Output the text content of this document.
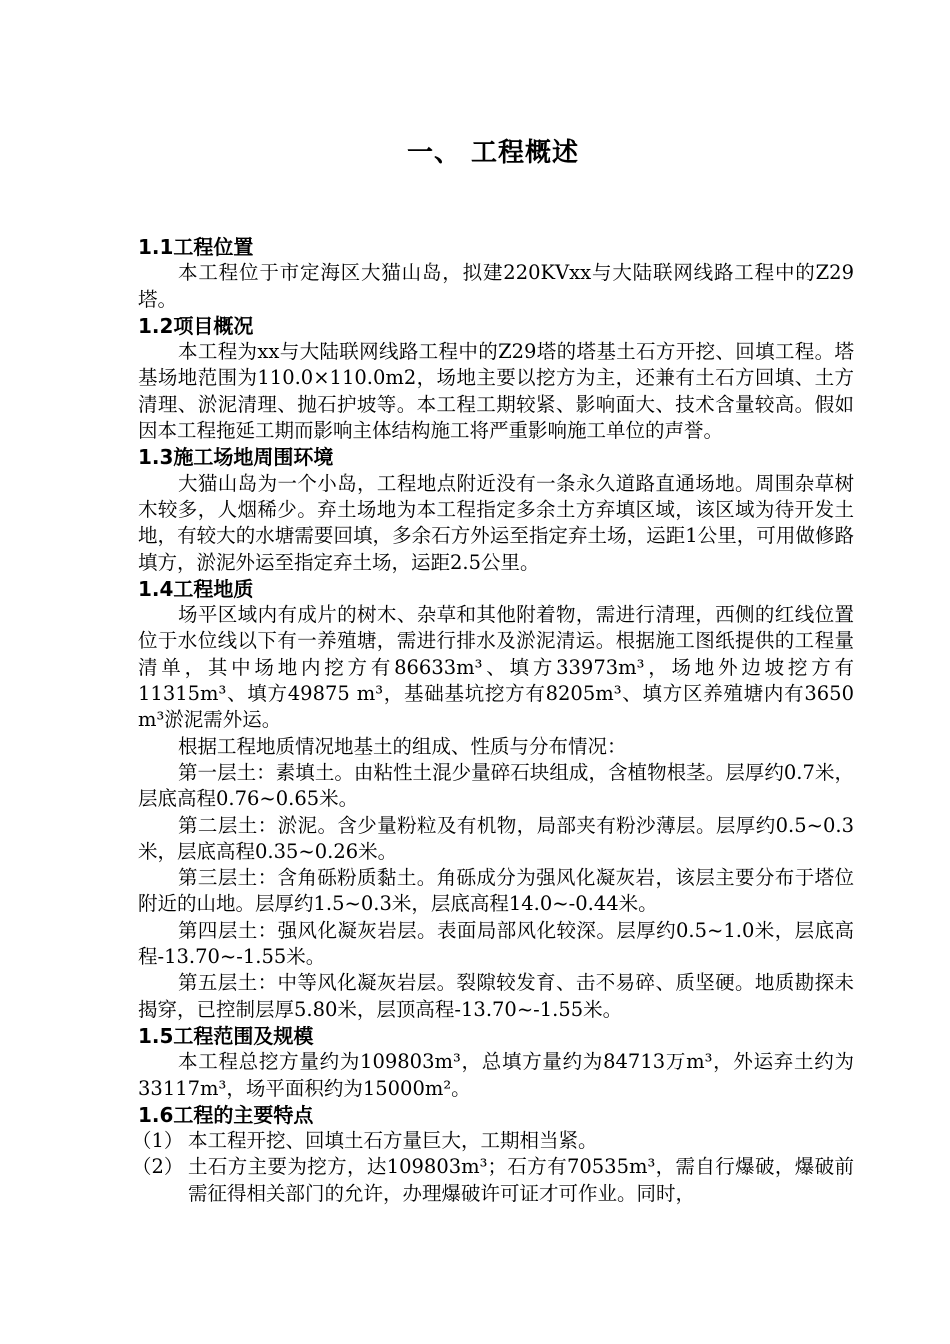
一、 工程概述
1.1工程位置

本工程位于市定海区大猫山岛，拟建220KVxx与大陆联网线路工程中的Z29塔。

1.2项目概况

本工程为xx与大陆联网线路工程中的Z29塔的塔基土石方开挖、回填工程。塔基场地范围为110.0×110.0m2，场地主要以挖方为主，还兼有土石方回填、土方清理、淤泥清理、抛石护坡等。本工程工期较紧、影响面大、技术含量较高。假如因本工程拖延工期而影响主体结构施工将严重影响施工单位的声誉。

1.3施工场地周围环境

大猫山岛为一个小岛，工程地点附近没有一条永久道路直通场地。周围杂草树木较多，人烟稀少。弃土场地为本工程指定多余土方弃填区域，该区域为待开发土地，有较大的水塘需要回填，多余石方外运至指定弃土场，运距1公里，可用做修路填方，淤泥外运至指定弃土场，运距2.5公里。

1.4工程地质

场平区域内有成片的树木、杂草和其他附着物，需进行清理，西侧的红线位置位于水位线以下有一养殖塘，需进行排水及淤泥清运。根据施工图纸提供的工程量清单，其中场地内挖方有86633m³、填方33973m³，场地外边坡挖方有11315m³、填方49875 m³，基础基坑挖方有8205m³、填方区养殖塘内有3650 m³淤泥需外运。

根据工程地质情况地基土的组成、性质与分布情况：

第一层土：素填土。由粘性土混少量碎石块组成，含植物根茎。层厚约0.7米，层底高程0.76~0.65米。

第二层土：淤泥。含少量粉粒及有机物，局部夹有粉沙薄层。层厚约0.5~0.3米，层底高程0.35~0.26米。

第三层土：含角砾粉质黏土。角砾成分为强风化凝灰岩，该层主要分布于塔位附近的山地。层厚约1.5~0.3米，层底高程14.0~-0.44米。

第四层土：强风化凝灰岩层。表面局部风化较深。层厚约0.5~1.0米，层底高程-13.70~-1.55米。

第五层土：中等风化凝灰岩层。裂隙较发育、击不易碎、质坚硬。地质勘探未揭穿，已控制层厚5.80米，层顶高程-13.70~-1.55米。

1.5工程范围及规模

本工程总挖方量约为109803m³，总填方量约为84713万m³，外运弃土约为33117m³，场平面积约为15000m²。

1.6工程的主要特点
（1） 本工程开挖、回填土石方量巨大，工期相当紧。
（2） 土石方主要为挖方，达109803m³；石方有70535m³，需自行爆破，爆破前需征得相关部门的允许，办理爆破许可证才可作业。同时，
